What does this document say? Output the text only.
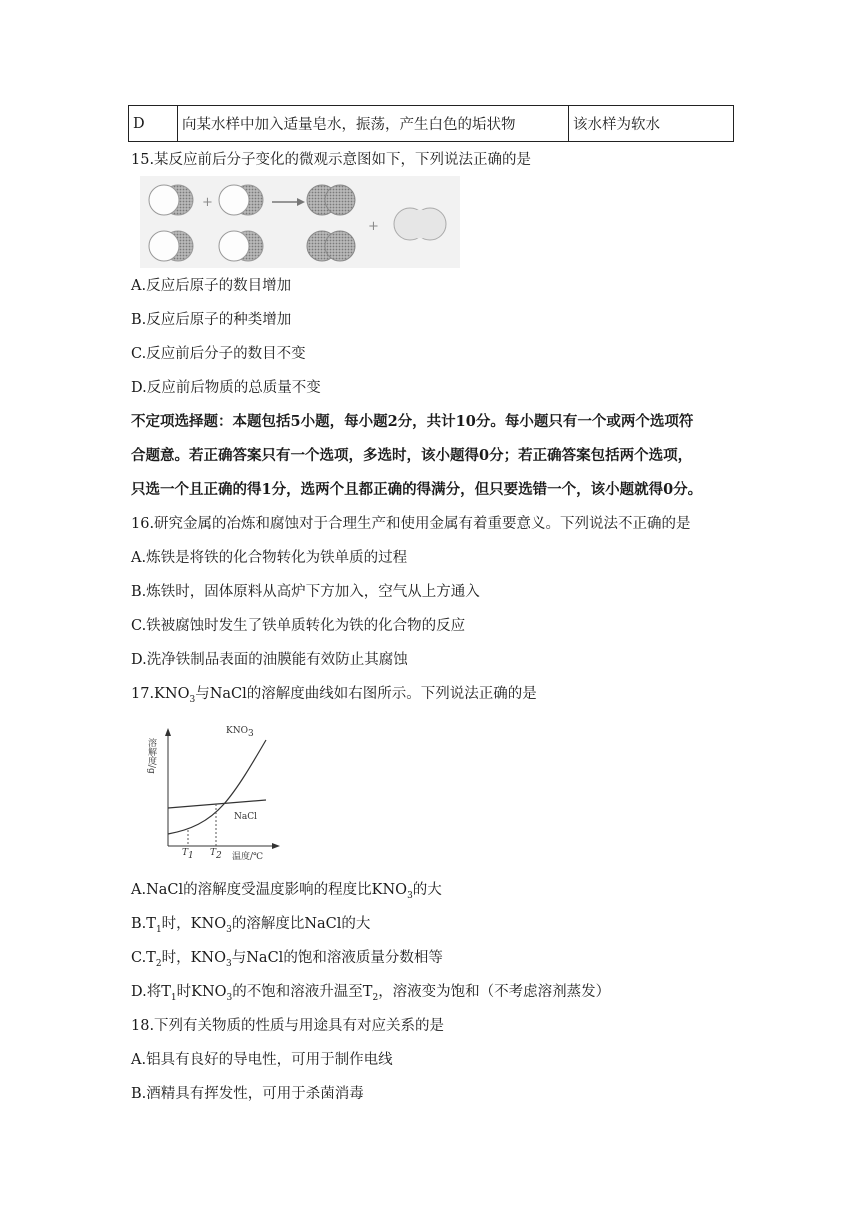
D	向某水样中加入适量皂水，振荡，产生白色的垢状物	该水样为软水
15.某反应前后分子变化的微观示意图如下，下列说法正确的是
+
+
A.反应后原子的数目增加
B.反应后原子的种类增加
C.反应前后分子的数目不变
D.反应前后物质的总质量不变
不定项选择题：本题包括5小题，每小题2分，共计10分。每小题只有一个或两个选项符
合题意。若正确答案只有一个选项，多选时，该小题得0分；若正确答案包括两个选项，
只选一个且正确的得1分，选两个且都正确的得满分，但只要选错一个，该小题就得0分。
16.研究金属的冶炼和腐蚀对于合理生产和使用金属有着重要意义。下列说法不正确的是
A.炼铁是将铁的化合物转化为铁单质的过程
B.炼铁时，固体原料从高炉下方加入，空气从上方通入
C.铁被腐蚀时发生了铁单质转化为铁的化合物的反应
D.洗净铁制品表面的油膜能有效防止其腐蚀
$17.KNO_3$与NaCl的溶解度曲线如右图所示。下列说法正确的是
溶解度/g
$KNO_3$
NaCl
$T_1$ $T_2$ 温度/℃
A.NaCl的溶解度受温度影响的程度比$KNO_3$的大
$B.T_1$时，$KNO_3$的溶解度比NaCl的大
$C.T_2$时，$KNO_3$与NaCl的饱和溶液质量分数相等
D.将$T_1$时$KNO_3$的不饱和溶液升温至$T_2$，溶液变为饱和（不考虑溶剂蒸发）
18.下列有关物质的性质与用途具有对应关系的是
A.铝具有良好的导电性，可用于制作电线
B.酒精具有挥发性，可用于杀菌消毒
